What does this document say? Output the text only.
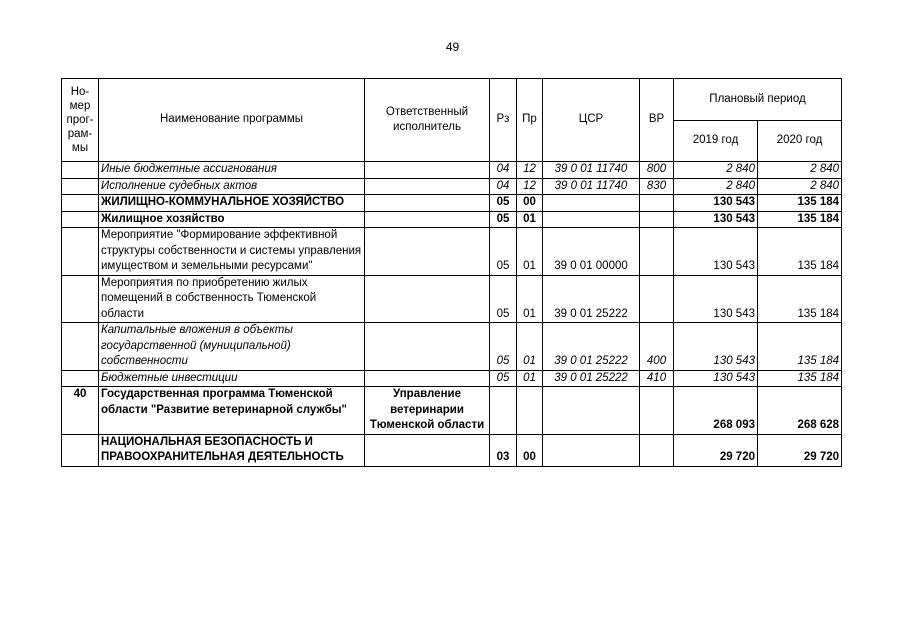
49
Но-мер прог-рам-мы	Наименование программы	Ответственный исполнитель	Рз	Пр	ЦСР	ВР	Плановый период	
							2019 год	2020 год
	Иные бюджетные ассигнования		04	12	39 0 01 11740	800	2 840	2 840
	Исполнение судебных актов		04	12	39 0 01 11740	830	2 840	2 840
	ЖИЛИЩНО-КОММУНАЛЬНОЕ ХОЗЯЙСТВО		05	00			130 543	135 184
	Жилищное хозяйство		05	01			130 543	135 184
	Мероприятие "Формирование эффективной структуры собственности и системы управления имуществом и земельными ресурсами"		05	01	39 0 01 00000		130 543	135 184
	Мероприятия по приобретению жилых помещений в собственность Тюменской области		05	01	39 0 01 25222		130 543	135 184
	Капитальные вложения в объекты государственной (муниципальной) собственности		05	01	39 0 01 25222	400	130 543	135 184
	Бюджетные инвестиции		05	01	39 0 01 25222	410	130 543	135 184
40	Государственная программа Тюменской области "Развитие ветеринарной службы"	Управление ветеринарии Тюменской области					268 093	268 628
	НАЦИОНАЛЬНАЯ БЕЗОПАСНОСТЬ И ПРАВООХРАНИТЕЛЬНАЯ ДЕЯТЕЛЬНОСТЬ		03	00			29 720	29 720
